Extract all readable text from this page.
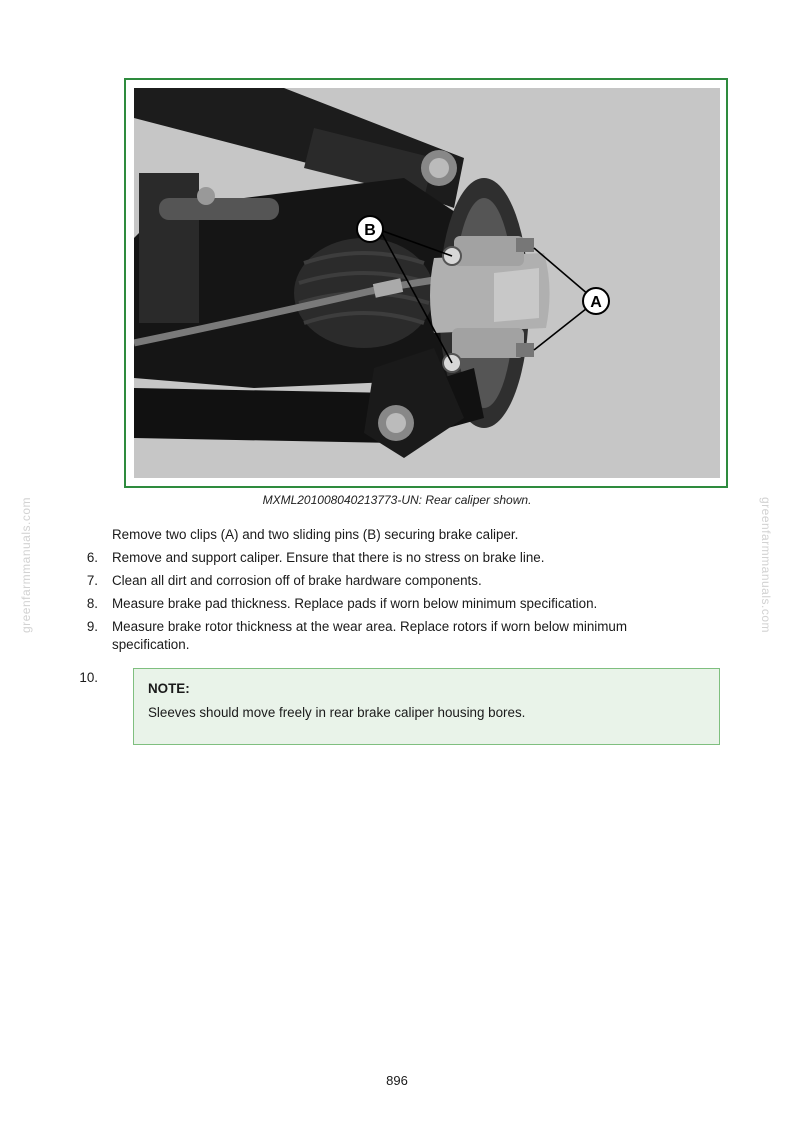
B
A
MXML201008040213773-UN: Rear caliper shown.
Remove two clips (A) and two sliding pins (B) securing brake caliper.
6. Remove and support caliper. Ensure that there is no stress on brake line.
7. Clean all dirt and corrosion off of brake hardware components.
8. Measure brake pad thickness. Replace pads if worn below minimum specification.
9. Measure brake rotor thickness at the wear area. Replace rotors if worn below minimum specification.
10.
NOTE:
Sleeves should move freely in rear brake caliper housing bores.
greenfarmmanuals.com	greenfarmmanuals.com
896
